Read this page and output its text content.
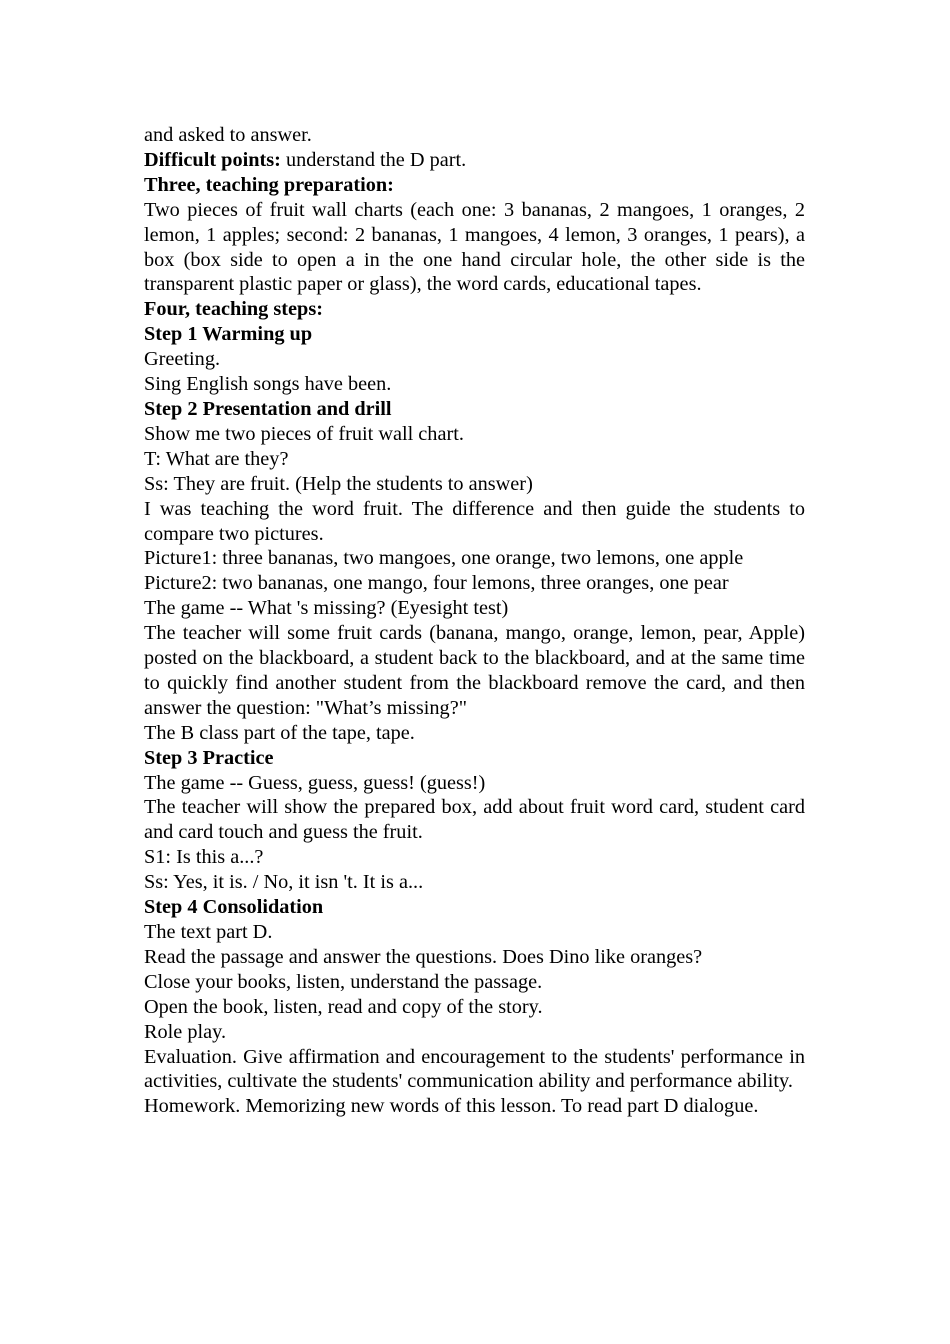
and asked to answer.

Difficult points: understand the D part.

Three, teaching preparation:

Two pieces of fruit wall charts (each one: 3 bananas, 2 mangoes, 1 oranges, 2 lemon, 1 apples; second: 2 bananas, 1 mangoes, 4 lemon, 3 oranges, 1 pears), a box (box side to open a in the one hand circular hole, the other side is the transparent plastic paper or glass), the word cards, educational tapes.

Four, teaching steps:
Step 1 Warming up
Greeting.
Sing English songs have been.
Step 2 Presentation and drill
Show me two pieces of fruit wall chart.
T: What are they?
Ss: They are fruit. (Help the students to answer)

I was teaching the word fruit. The difference and then guide the students to compare two pictures.

Picture1: three bananas, two mangoes, one orange, two lemons, one apple
Picture2: two bananas, one mango, four lemons, three oranges, one pear
The game -- What 's missing? (Eyesight test)

The teacher will some fruit cards (banana, mango, orange, lemon, pear, Apple) posted on the blackboard, a student back to the blackboard, and at the same time to quickly find another student from the blackboard remove the card, and then answer the question: "What’s missing?"

The B class part of the tape, tape.
Step 3 Practice
The game -- Guess, guess, guess! (guess!)

The teacher will show the prepared box, add about fruit word card, student card and card touch and guess the fruit.

S1: Is this a...?
Ss: Yes, it is. / No, it isn 't. It is a...
Step 4 Consolidation
The text part D.
Read the passage and answer the questions. Does Dino like oranges?
Close your books, listen, understand the passage.
Open the book, listen, read and copy of the story.
Role play.

Evaluation. Give affirmation and encouragement to the students' performance in activities, cultivate the students' communication ability and performance ability.

Homework. Memorizing new words of this lesson. To read part D dialogue.
